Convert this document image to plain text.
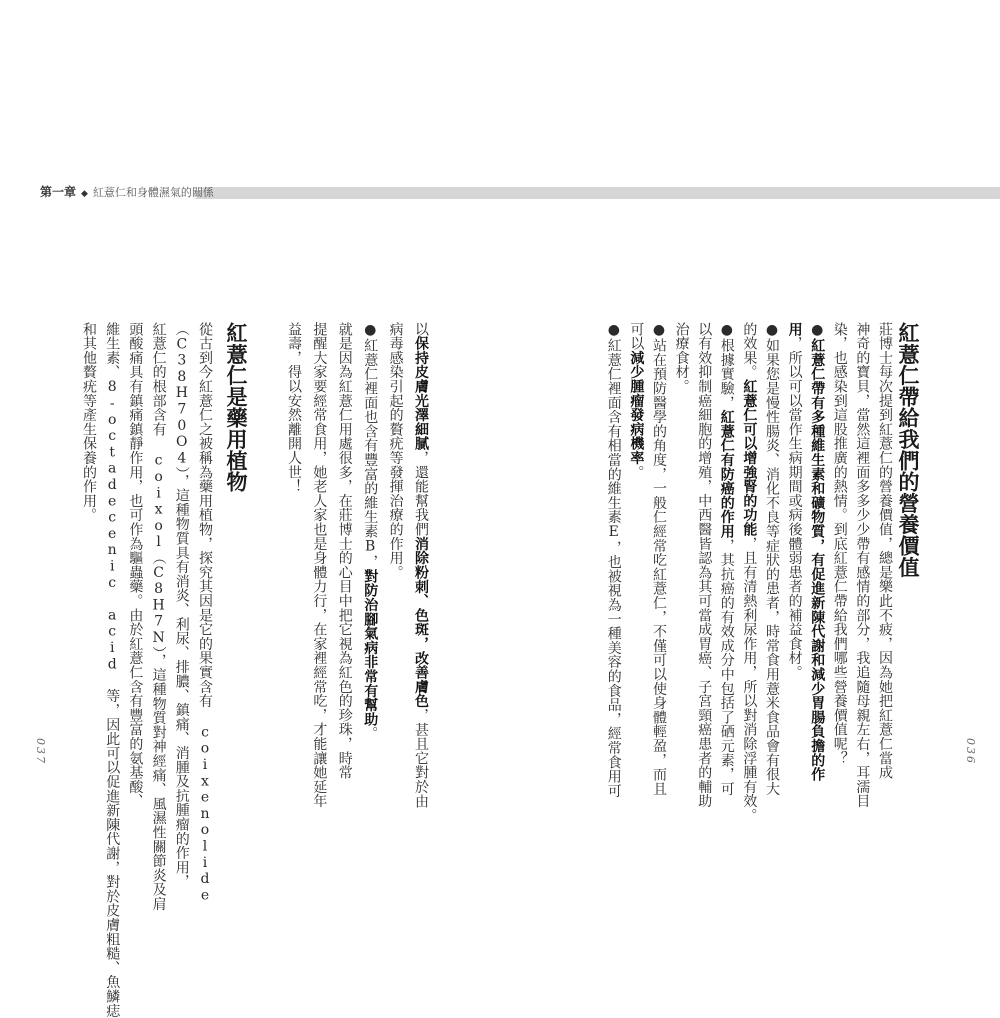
第一章 ◆ 紅薏仁和身體濕氣的關係
紅薏仁帶給我們的營養價值
莊博士每次提到紅薏仁的營養價值，總是樂此不疲，因為她把紅薏仁當成
神奇的寶貝，當然這裡面多多少少帶有感情的部分，我追隨母親左右，耳濡目
染，也感染到這股推廣的熱情。到底紅薏仁帶給我們哪些營養價值呢？
●紅薏仁帶有多種維生素和礦物質，有促進新陳代謝和減少胃腸負擔的作
用，所以可以當作生病期間或病後體弱患者的補益食材。
●如果您是慢性腸炎、消化不良等症狀的患者，時常食用薏米食品會有很大
的效果。紅薏仁可以增強腎的功能，且有清熱利尿作用，所以對消除浮腫有效。
●根據實驗，紅薏仁有防癌的作用，其抗癌的有效成分中包括了硒元素，可
以有效抑制癌細胞的增殖，中西醫皆認為其可當成胃癌、子宮頸癌患者的輔助
治療食材。
●站在預防醫學的角度，一般仁經常吃紅薏仁，不僅可以使身體輕盈，而且
可以減少腫瘤發病機率。
●紅薏仁裡面含有相當的維生素E，也被視為一種美容的食品，經常食用可	036
以保持皮膚光澤細膩，還能幫我們消除粉刺、色斑，改善膚色，甚且它對於由
病毒感染引起的贅疣等發揮治療的作用。
●紅薏仁裡面也含有豐富的維生素B，對防治腳氣病非常有幫助。
就是因為紅薏仁用處很多，在莊博士的心目中把它視為紅色的珍珠，時常
提醒大家要經常食用，她老人家也是身體力行，在家裡經常吃，才能讓她延年
益壽，得以安然離開人世！
紅薏仁是藥用植物
從古到今紅薏仁之被稱為藥用植物，探究其因是它的果實含有 coixenolide
（C38H70O4），這種物質具有消炎、利尿、排膿、鎮痛、消腫及抗腫瘤的作用，
紅薏仁的根部含有 coixol（C8H7N），這種物質對神經痛、風濕性關節炎及肩
頭酸痛具有鎮痛鎮靜作用，也可作為驅蟲藥。由於紅薏仁含有豐富的氨基酸、
維生素、8-octadecenic acid 等，因此可以促進新陳代謝，對於皮膚粗糙、魚鱗痣
和其他贅疣等產生保養的作用。
037
